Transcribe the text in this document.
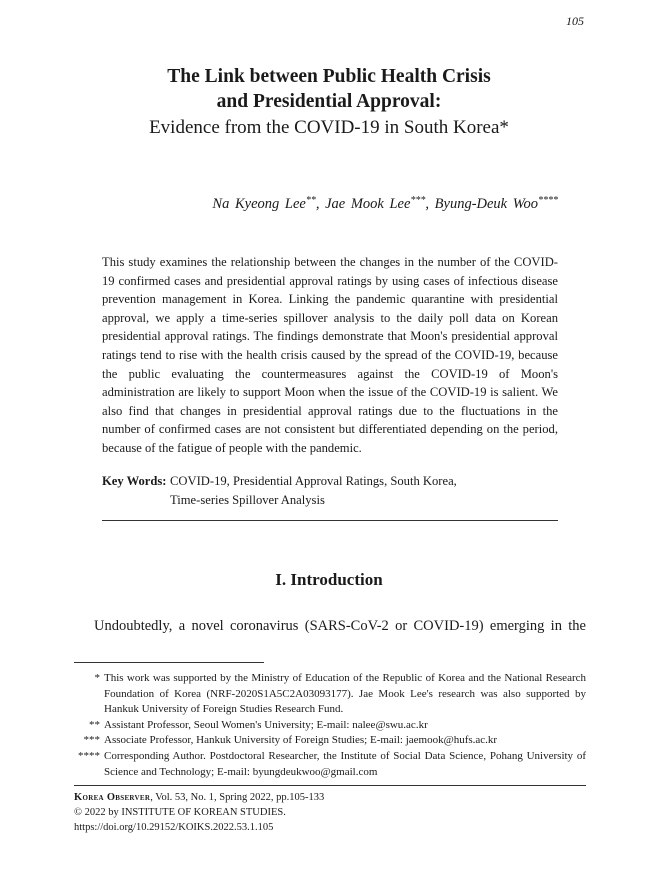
105
The Link between Public Health Crisis
and Presidential Approval:
Evidence from the COVID-19 in South Korea*
Na Kyeong Lee**, Jae Mook Lee***, Byung-Deuk Woo****

This study examines the relationship between the changes in the number of the COVID-19 confirmed cases and presidential approval ratings by using cases of infectious disease prevention management in Korea. Linking the pandemic quarantine with presidential approval, we apply a time-series spillover analysis to the daily poll data on Korean presidential approval ratings. The findings demonstrate that Moon's presidential approval ratings tend to rise with the health crisis caused by the spread of the COVID-19, because the public evaluating the countermeasures against the COVID-19 of Moon's administration are likely to support Moon when the issue of the COVID-19 is salient. We also find that changes in presidential approval ratings due to the fluctuations in the number of confirmed cases are not consistent but differentiated depending on the period, because of the fatigue of people with the pandemic.

Key Words: COVID-19, Presidential Approval Ratings, South Korea,
Time-series Spillover Analysis
I. Introduction
Undoubtedly, a novel coronavirus (SARS-CoV-2 or COVID-19) emerging in the
* This work was supported by the Ministry of Education of the Republic of Korea and the National Research Foundation of Korea (NRF-2020S1A5C2A03093177). Jae Mook Lee's research was also supported by Hankuk University of Foreign Studies Research Fund.
** Assistant Professor, Seoul Women's University; E-mail: nalee@swu.ac.kr
*** Associate Professor, Hankuk University of Foreign Studies; E-mail: jaemook@hufs.ac.kr
**** Corresponding Author. Postdoctoral Researcher, the Institute of Social Data Science, Pohang University of Science and Technology; E-mail: byungdeukwoo@gmail.com
Korea Observer, Vol. 53, No. 1, Spring 2022, pp.105-133
© 2022 by INSTITUTE OF KOREAN STUDIES.
https://doi.org/10.29152/KOIKS.2022.53.1.105
